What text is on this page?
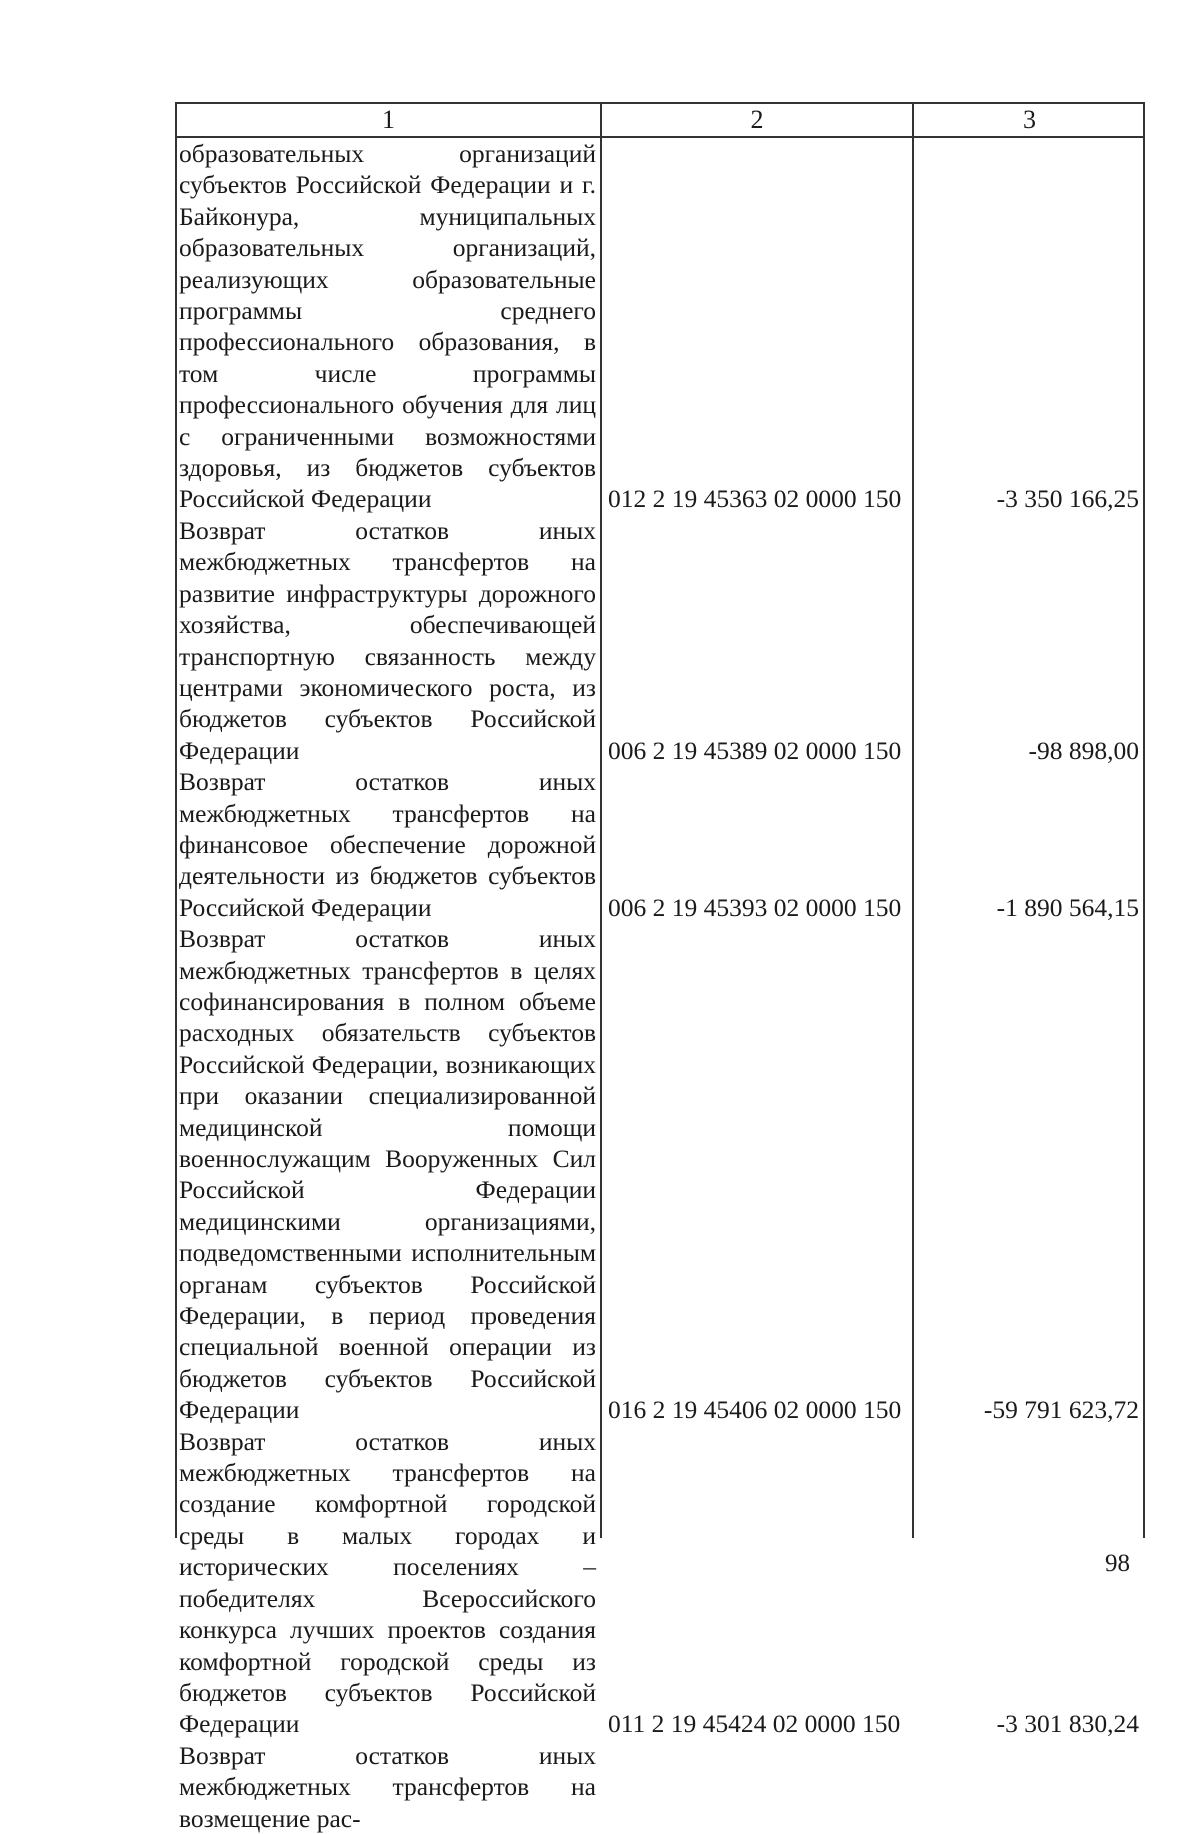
1	2	3
образовательных организаций субъектов Российской Федерации и г. Байконура, муниципальных образовательных организаций, реализующих образовательные программы среднего профессионального образования, в том числе программы профессионального обучения для лиц с ограниченными возможностями здоровья, из бюджетов субъектов Российской Федерации	012 2 19 45363 02 0000 150	-3 350 166,25
Возврат остатков иных межбюджетных трансфертов на развитие инфраструктуры дорожного хозяйства, обеспечивающей транспортную связанность между центрами экономического роста, из бюджетов субъектов Российской Федерации	006 2 19 45389 02 0000 150	-98 898,00
Возврат остатков иных межбюджетных трансфертов на финансовое обеспечение дорожной деятельности из бюджетов субъектов Российской Федерации	006 2 19 45393 02 0000 150	-1 890 564,15
Возврат остатков иных межбюджетных трансфертов в целях софинансирования в полном объеме расходных обязательств субъектов Российской Федерации, возникающих при оказании специализированной медицинской помощи военнослужащим Вооруженных Сил Российской Федерации медицинскими организациями, подведомственными исполнительным органам субъектов Российской Федерации, в период проведения специальной военной операции из бюджетов субъектов Российской Федерации	016 2 19 45406 02 0000 150	-59 791 623,72
Возврат остатков иных межбюджетных трансфертов на создание комфортной городской среды в малых городах и исторических поселениях – победителях Всероссийского конкурса лучших проектов создания комфортной городской среды из бюджетов субъектов Российской Федерации	011 2 19 45424 02 0000 150	-3 301 830,24
Возврат остатков иных межбюджетных трансфертов на возмещение рас-
98
